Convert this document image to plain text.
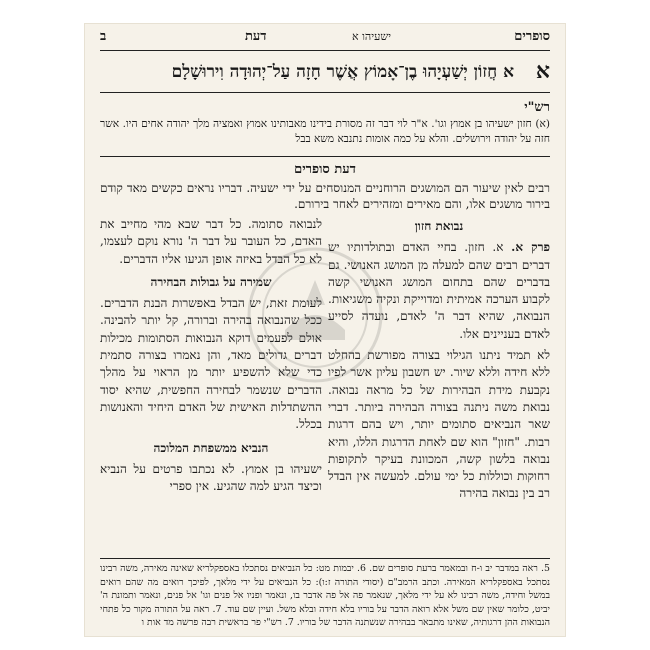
ב	דעת	ישעיהו א	סופרים
א
א חֲזוֹן יְשַׁעְיָהוּ בֶן־אָמוֹץ אֲשֶׁר חָזָה עַל־יְהוּדָה וִירוּשָׁלָם
רש"י
(א) חזון ישעיהו בן אמוץ וגו'. א"ר לוי דבר זה מסורת בידינו מאבותינו אמוץ ואמציה מלך יהודה אחים היו. אשר חזה על יהודה וירושלים. והלא על כמה אומות נתנבא משא בבל
דעת סופרים
רבים לאין שיעור הם המושגים הרוחניים המנוסחים על ידי ישעיה. דבריו נראים כקשים מאד קודם בירור מושגים אלו, והם מאירים ומזהירים לאחר בירורם.
נבואת חזון
פרק א. א. חזון. בחיי האדם ובתולדותיו יש דברים רבים שהם למעלה מן המושג האנושי. גם בדברים שהם בתחום המושג האנושי קשה לקבוע הערכה אמיתית ומדוייקת ונקיה משגיאות. הנבואה, שהיא דבר ה' לאדם, נועדה לסייע לאדם בעניינים אלו.
לא תמיד ניתנו הגילוי בצורה מפורשת בהחלט ללא חידה וללא שיור. יש חשבון עליון אשר לפיו נקבעת מידת הבהירות של כל מראה נבואה. נבואת משה ניתנה בצורה הבהירה ביותר. דברי שאר הנביאים סתומים יותר, ויש בהם דרגות רבות. "חזון" הוא שם לאחת הדרגות הללו, והיא נבואה בלשון קשה, המכוונת בעיקר לתקופות רחוקות וכוללות כל ימי עולם. למעשה אין הבדל רב בין נבואה בהירה
לנבואה סתומה. כל דבר שבא מהי מחייב את האדם, כל העובר על דבר ה' נורא נוקם לעצמו, לא כל הבדל באיזה אופן הגיעו אליו הדברים.
שמירה על גבולות הבחירה
לעומת זאת, יש הבדל באפשרות הבנת הדברים. ככל שהנבואה בהירה וברורה, קל יותר להבינה. אולם לפעמים דוקא הנבואות הסתומות מכילות דברים גדולים מאד, והן נאמרו בצורה סתמית כדי שלא להשפיע יותר מן הראוי על מהלך הדברים שנשמר לבחירה החפשית, שהיא יסוד ההשתדלות האישית של האדם היחיד והאנושות בכלל.
הנביא ממשפחת המלוכה
ישעיהו בן אמוץ. לא נכתבו פרטים על הנביא וכיצד הגיע למה שהגיע. אין ספרי
5. ראה במדבר יב ו-ח ובמאמר ברעת סופרים שם. 6. יבמות מט: כל הנביאים נסתכלו באספקלריא שאינה מאירה, משה רבינו נסתכל באספקלריא המאירה. וכתב הרמב"ם (יסודי התורה ז:ו): כל הנביאים על ידי מלאך, לפיכך רואים מה שהם רואים במשל וחידה, משה רבינו לא על ידי מלאך, שנאמר פה אל פה אדבר בו, ונאמר ופניו אל פנים וגו' אל פנים, ונאמר ותמונת ה' יביט, כלומר שאין שם משל אלא רואה הדבר על בוריו בלא חידה ובלא משל. ועיין שם עוד. 7. ראה על התורה מקור כל פתחי הנבואות ההן דרגותיה, שאינו מתבאר בבהירה שנשתנה הדבר של בוריו. 7. רש"י פר בראשית רבה פרשה מד אות ו
